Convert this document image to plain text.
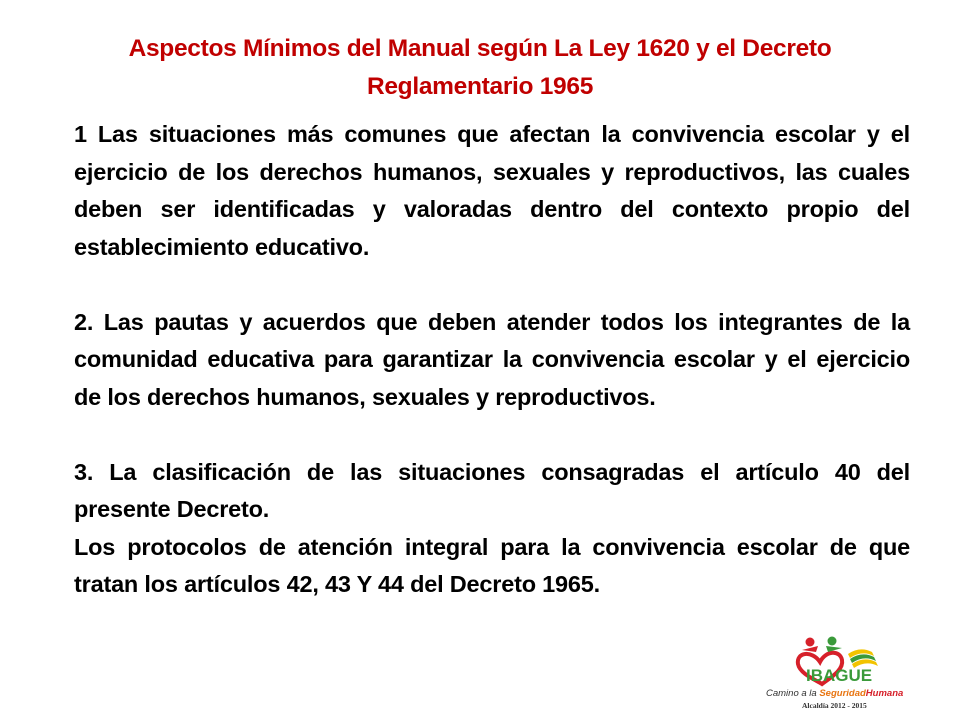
Aspectos Mínimos del Manual según La Ley 1620 y el Decreto Reglamentario 1965

1 Las situaciones más comunes que afectan la convivencia escolar y el ejercicio de los derechos humanos, sexuales y reproductivos, las cuales deben ser identificadas y valoradas dentro del contexto propio del establecimiento educativo.

2. Las pautas y acuerdos que deben atender todos los integrantes de la comunidad educativa para garantizar la convivencia escolar y el ejercicio de los derechos humanos, sexuales y reproductivos.

3. La clasificación de las situaciones consagradas el artículo 40 del presente Decreto.

Los protocolos de atención integral para la convivencia escolar de que tratan los artículos 42, 43 Y 44 del Decreto 1965.

IBAGUE
Camino a la SeguridadHumana
Alcaldía 2012 - 2015
